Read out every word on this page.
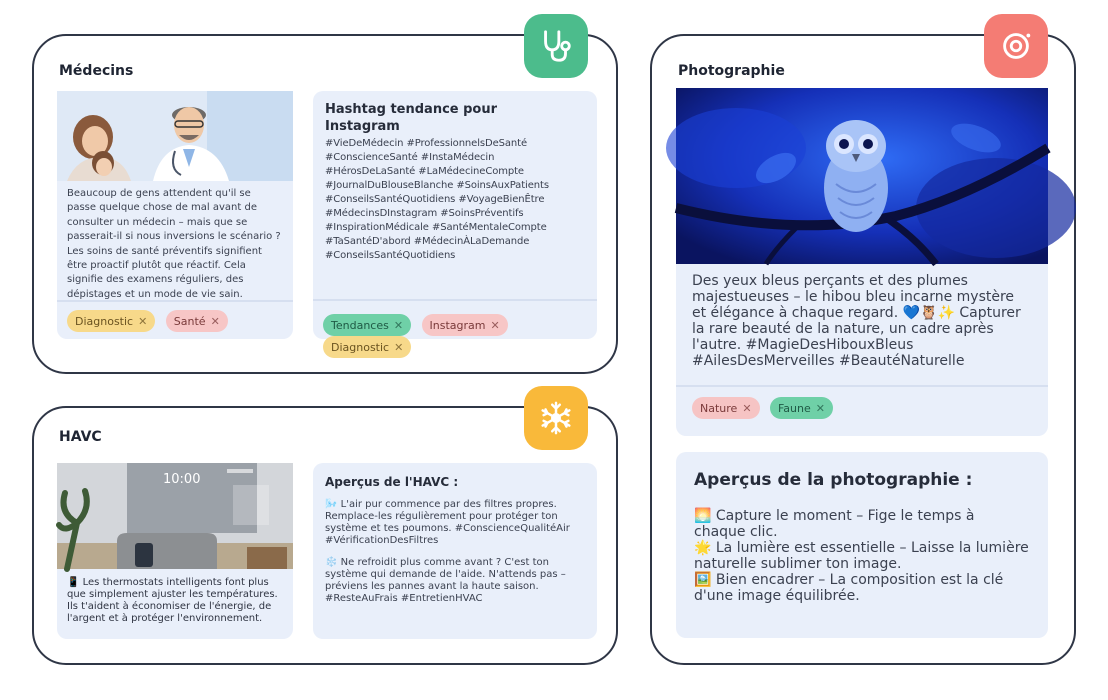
Médecins
Beaucoup de gens attendent qu'il se passe quelque chose de mal avant de consulter un médecin – mais que se passerait-il si nous inversions le scénario ? Les soins de santé préventifs signifient être proactif plutôt que réactif. Cela signifie des examens réguliers, des dépistages et un mode de vie sain.
Diagnostic ✕
Santé ✕
Hashtag tendance pour Instagram
#VieDeMédecin #ProfessionnelsDeSanté #ConscienceSanté #InstaMédecin #HérosDeLaSanté #LaMédecineCompte #JournalDuBlouseBlanche #SoinsAuxPatients #ConseilsSantéQuotidiens #VoyageBienÊtre #MédecinsDInstagram #SoinsPréventifs #InspirationMédicale #SantéMentaleCompte #TaSantéD'abord #MédecinÀLaDemande #ConseilsSantéQuotidiens
Tendances ✕
Instagram ✕

Diagnostic ✕
HAVC
10:00
📱 Les thermostats intelligents font plus que simplement ajuster les températures. Ils t'aident à économiser de l'énergie, de l'argent et à protéger l'environnement.
Aperçus de l'HAVC :
🌬️ L'air pur commence par des filtres propres. Remplace-les régulièrement pour protéger ton système et tes poumons. #ConscienceQualitéAir #VérificationDesFiltres
❄️ Ne refroidit plus comme avant ? C'est ton système qui demande de l'aide. N'attends pas – préviens les pannes avant la haute saison. #ResteAuFrais #EntretienHVAC
Photographie
Des yeux bleus perçants et des plumes majestueuses – le hibou bleu incarne mystère et élégance à chaque regard. 💙🦉✨ Capturer la rare beauté de la nature, un cadre après l'autre. #MagieDesHibouxBleus #AilesDesMerveilles #BeautéNaturelle
Nature ✕
Faune ✕
Aperçus de la photographie :
🌅 Capture le moment – Fige le temps à chaque clic.
🌟 La lumière est essentielle – Laisse la lumière naturelle sublimer ton image.
🖼️ Bien encadrer – La composition est la clé d'une image équilibrée.
